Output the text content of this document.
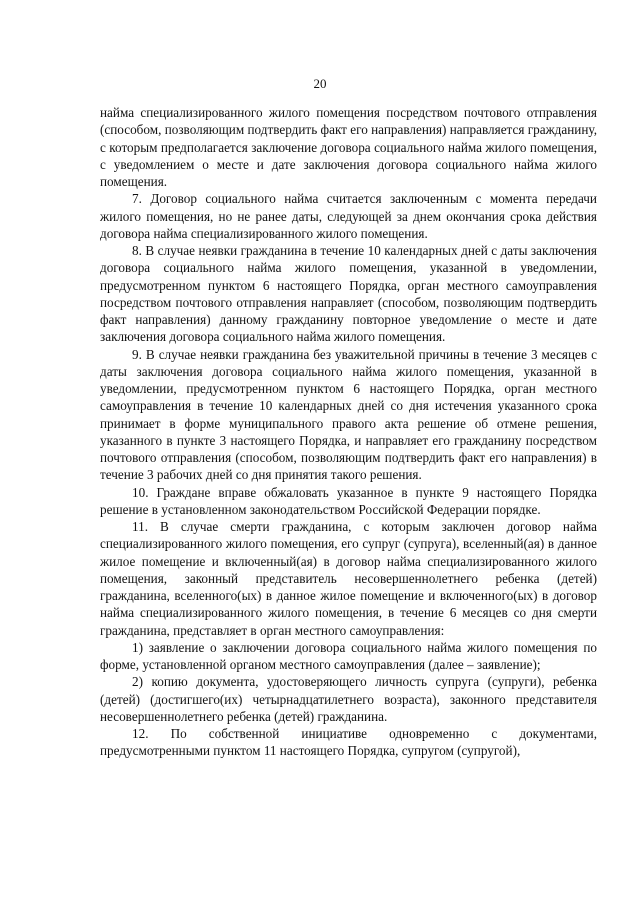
20

найма специализированного жилого помещения посредством почтового отправления (способом, позволяющим подтвердить факт его направления) направляется гражданину, с которым предполагается заключение договора социального найма жилого помещения, с уведомлением о месте и дате заключения договора социального найма жилого помещения.

7. Договор социального найма считается заключенным с момента передачи жилого помещения, но не ранее даты, следующей за днем окончания срока действия договора найма специализированного жилого помещения.

8. В случае неявки гражданина в течение 10 календарных дней с даты заключения договора социального найма жилого помещения, указанной в уведомлении, предусмотренном пунктом 6 настоящего Порядка, орган местного самоуправления посредством почтового отправления направляет (способом, позволяющим подтвердить факт направления) данному гражданину повторное уведомление о месте и дате заключения договора социального найма жилого помещения.

9. В случае неявки гражданина без уважительной причины в течение 3 месяцев с даты заключения договора социального найма жилого помещения, указанной в уведомлении, предусмотренном пунктом 6 настоящего Порядка, орган местного самоуправления в течение 10 календарных дней со дня истечения указанного срока принимает в форме муниципального правого акта решение об отмене решения, указанного в пункте 3 настоящего Порядка, и направляет его гражданину посредством почтового отправления (способом, позволяющим подтвердить факт его направления) в течение 3 рабочих дней со дня принятия такого решения.

10. Граждане вправе обжаловать указанное в пункте 9 настоящего Порядка решение в установленном законодательством Российской Федерации порядке.

11. В случае смерти гражданина, с которым заключен договор найма специализированного жилого помещения, его супруг (супруга), вселенный(ая) в данное жилое помещение и включенный(ая) в договор найма специализированного жилого помещения, законный представитель несовершеннолетнего ребенка (детей) гражданина, вселенного(ых) в данное жилое помещение и включенного(ых) в договор найма специализированного жилого помещения, в течение 6 месяцев со дня смерти гражданина, представляет в орган местного самоуправления:

1) заявление о заключении договора социального найма жилого помещения по форме, установленной органом местного самоуправления (далее – заявление);

2) копию документа, удостоверяющего личность супруга (супруги), ребенка (детей) (достигшего(их) четырнадцатилетнего возраста), законного представителя несовершеннолетнего ребенка (детей) гражданина.

12. По собственной инициативе одновременно с документами, предусмотренными пунктом 11 настоящего Порядка, супругом (супругой),
